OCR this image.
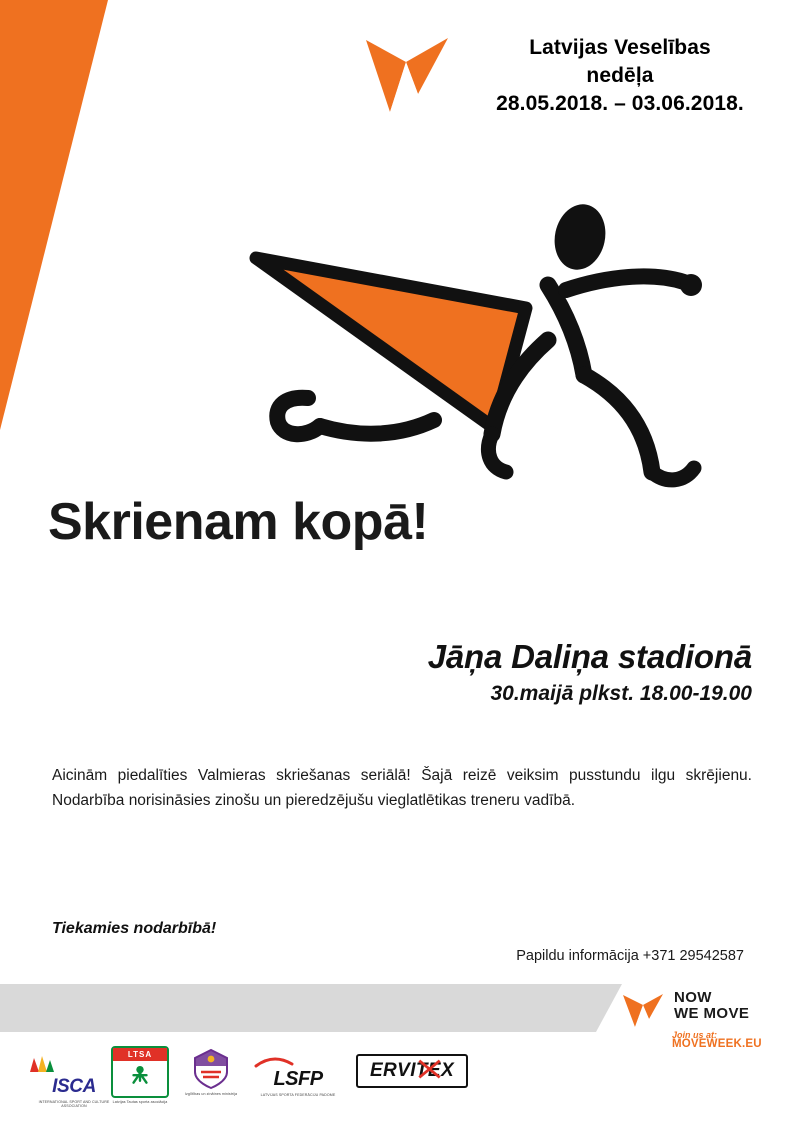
Latvijas Veselības
nedēļa
28.05.2018. – 03.06.2018.
Skrienam kopā!
Jāņa Daliņa stadionā
30.maijā plkst. 18.00-19.00
Aicinām piedalīties Valmieras skriešanas seriālā! Šajā reizē veiksim pusstundu ilgu skrējienu. Nodarbība norisināsies zinošu un pieredzējušu vieglatlētikas treneru vadībā.
Tiekamies nodarbībā!
Papildu informācija +371 29542587
NOW
WE MOVE
Join us at:
MOVEWEEK.EU
ISCA
INTERNATIONAL SPORT AND CULTURE ASSOCIATION
LTSA
Latvijas Tautas sporta asociācija
Izglītības un zinātnes ministrija
LSFP
LATVIJAS SPORTA FEDERĀCIJU PADOME
ERVITEX
